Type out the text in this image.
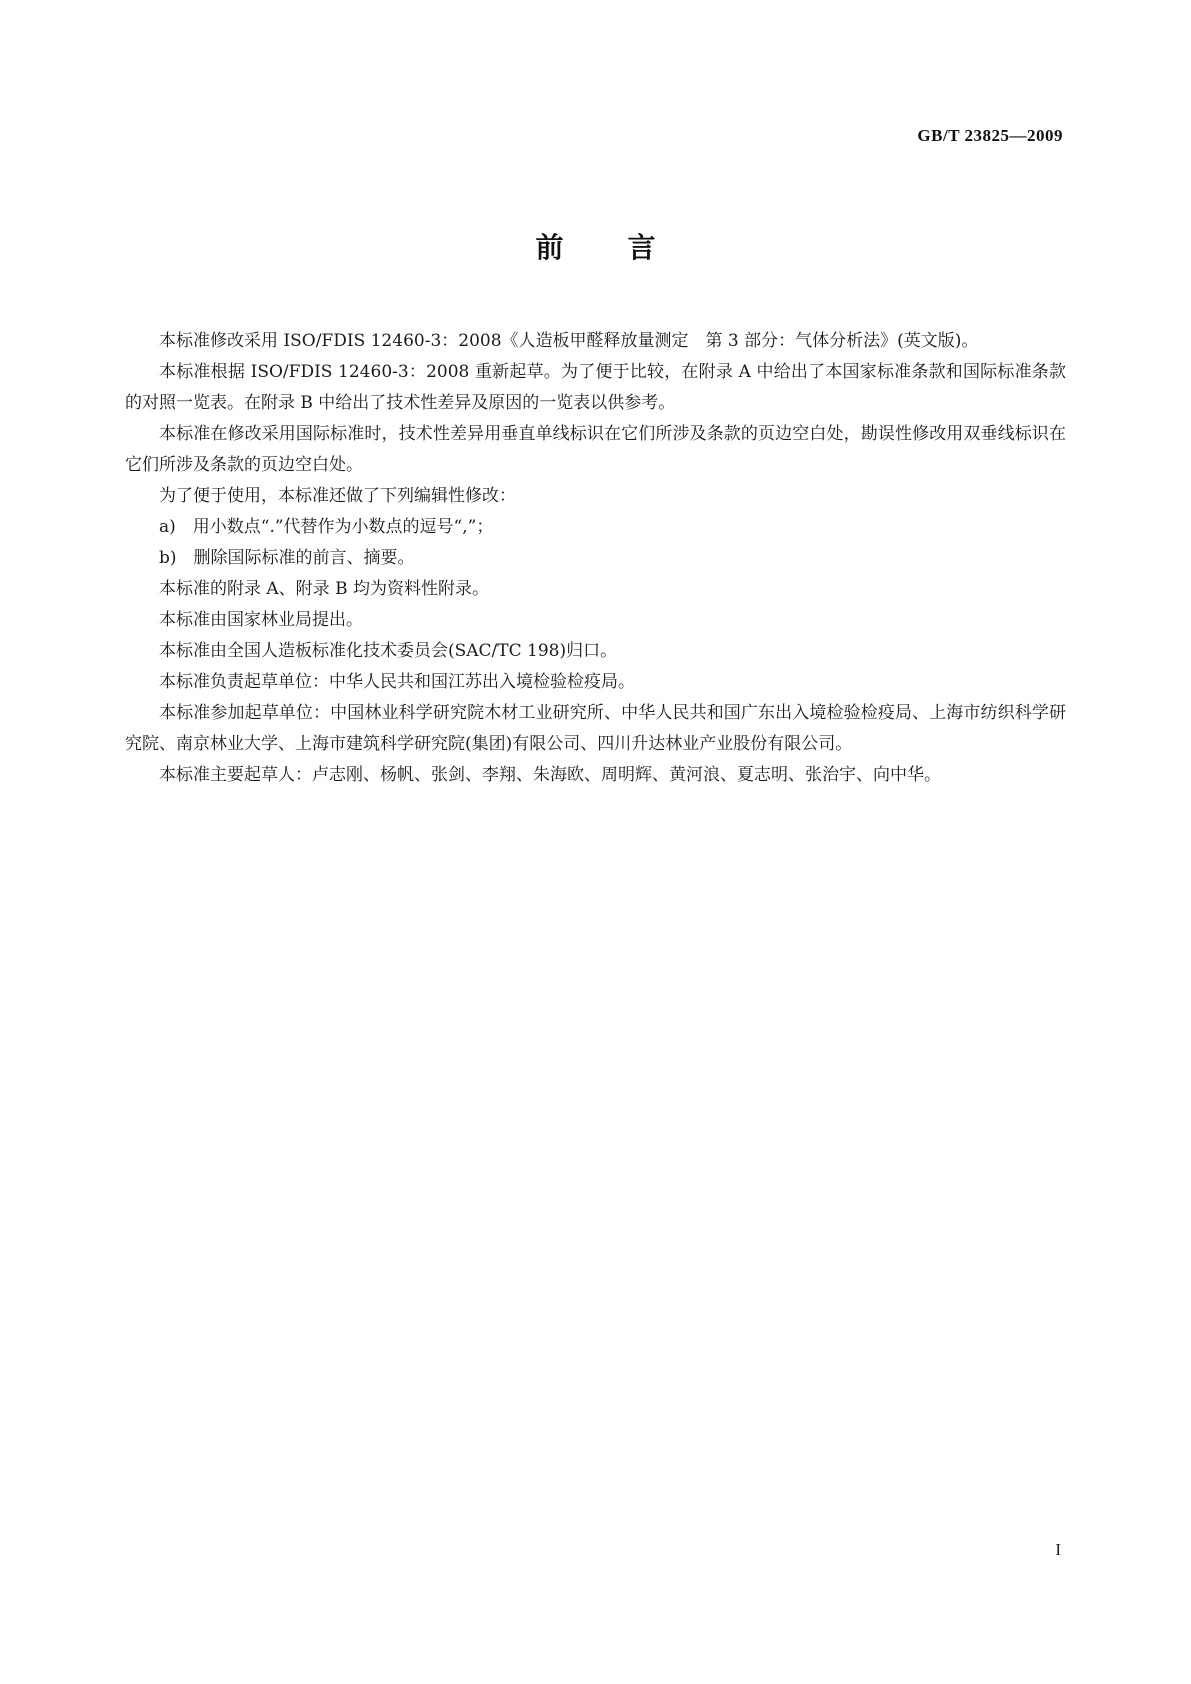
GB/T 23825—2009
前言

本标准修改采用 ISO/FDIS 12460-3：2008《人造板甲醛释放量测定　第 3 部分：气体分析法》(英文版)。

本标准根据 ISO/FDIS 12460-3：2008 重新起草。为了便于比较，在附录 A 中给出了本国家标准条款和国际标准条款的对照一览表。在附录 B 中给出了技术性差异及原因的一览表以供参考。

本标准在修改采用国际标准时，技术性差异用垂直单线标识在它们所涉及条款的页边空白处，勘误性修改用双垂线标识在它们所涉及条款的页边空白处。

为了便于使用，本标准还做了下列编辑性修改：

a)　用小数点“.”代替作为小数点的逗号“,”；

b)　删除国际标准的前言、摘要。

本标准的附录 A、附录 B 均为资料性附录。

本标准由国家林业局提出。

本标准由全国人造板标准化技术委员会(SAC/TC 198)归口。

本标准负责起草单位：中华人民共和国江苏出入境检验检疫局。

本标准参加起草单位：中国林业科学研究院木材工业研究所、中华人民共和国广东出入境检验检疫局、上海市纺织科学研究院、南京林业大学、上海市建筑科学研究院(集团)有限公司、四川升达林业产业股份有限公司。

本标准主要起草人：卢志刚、杨帆、张剑、李翔、朱海欧、周明辉、黄河浪、夏志明、张治宇、向中华。

I
